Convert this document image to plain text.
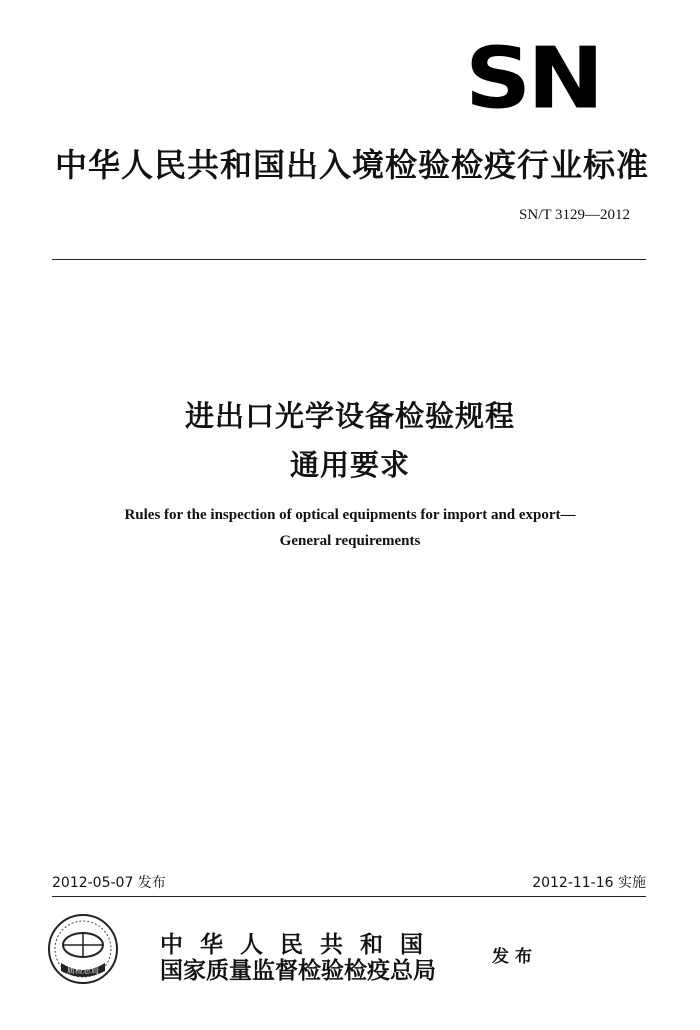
SN
中华人民共和国出入境检验检疫行业标准
SN/T 3129—2012
进出口光学设备检验规程
通用要求
Rules for the inspection of optical equipments for import and export—
General requirements
2012-05-07 发布	2012-11-16 实施
质检总局
中华人民共和国
国家质量监督检验检疫总局	发布
